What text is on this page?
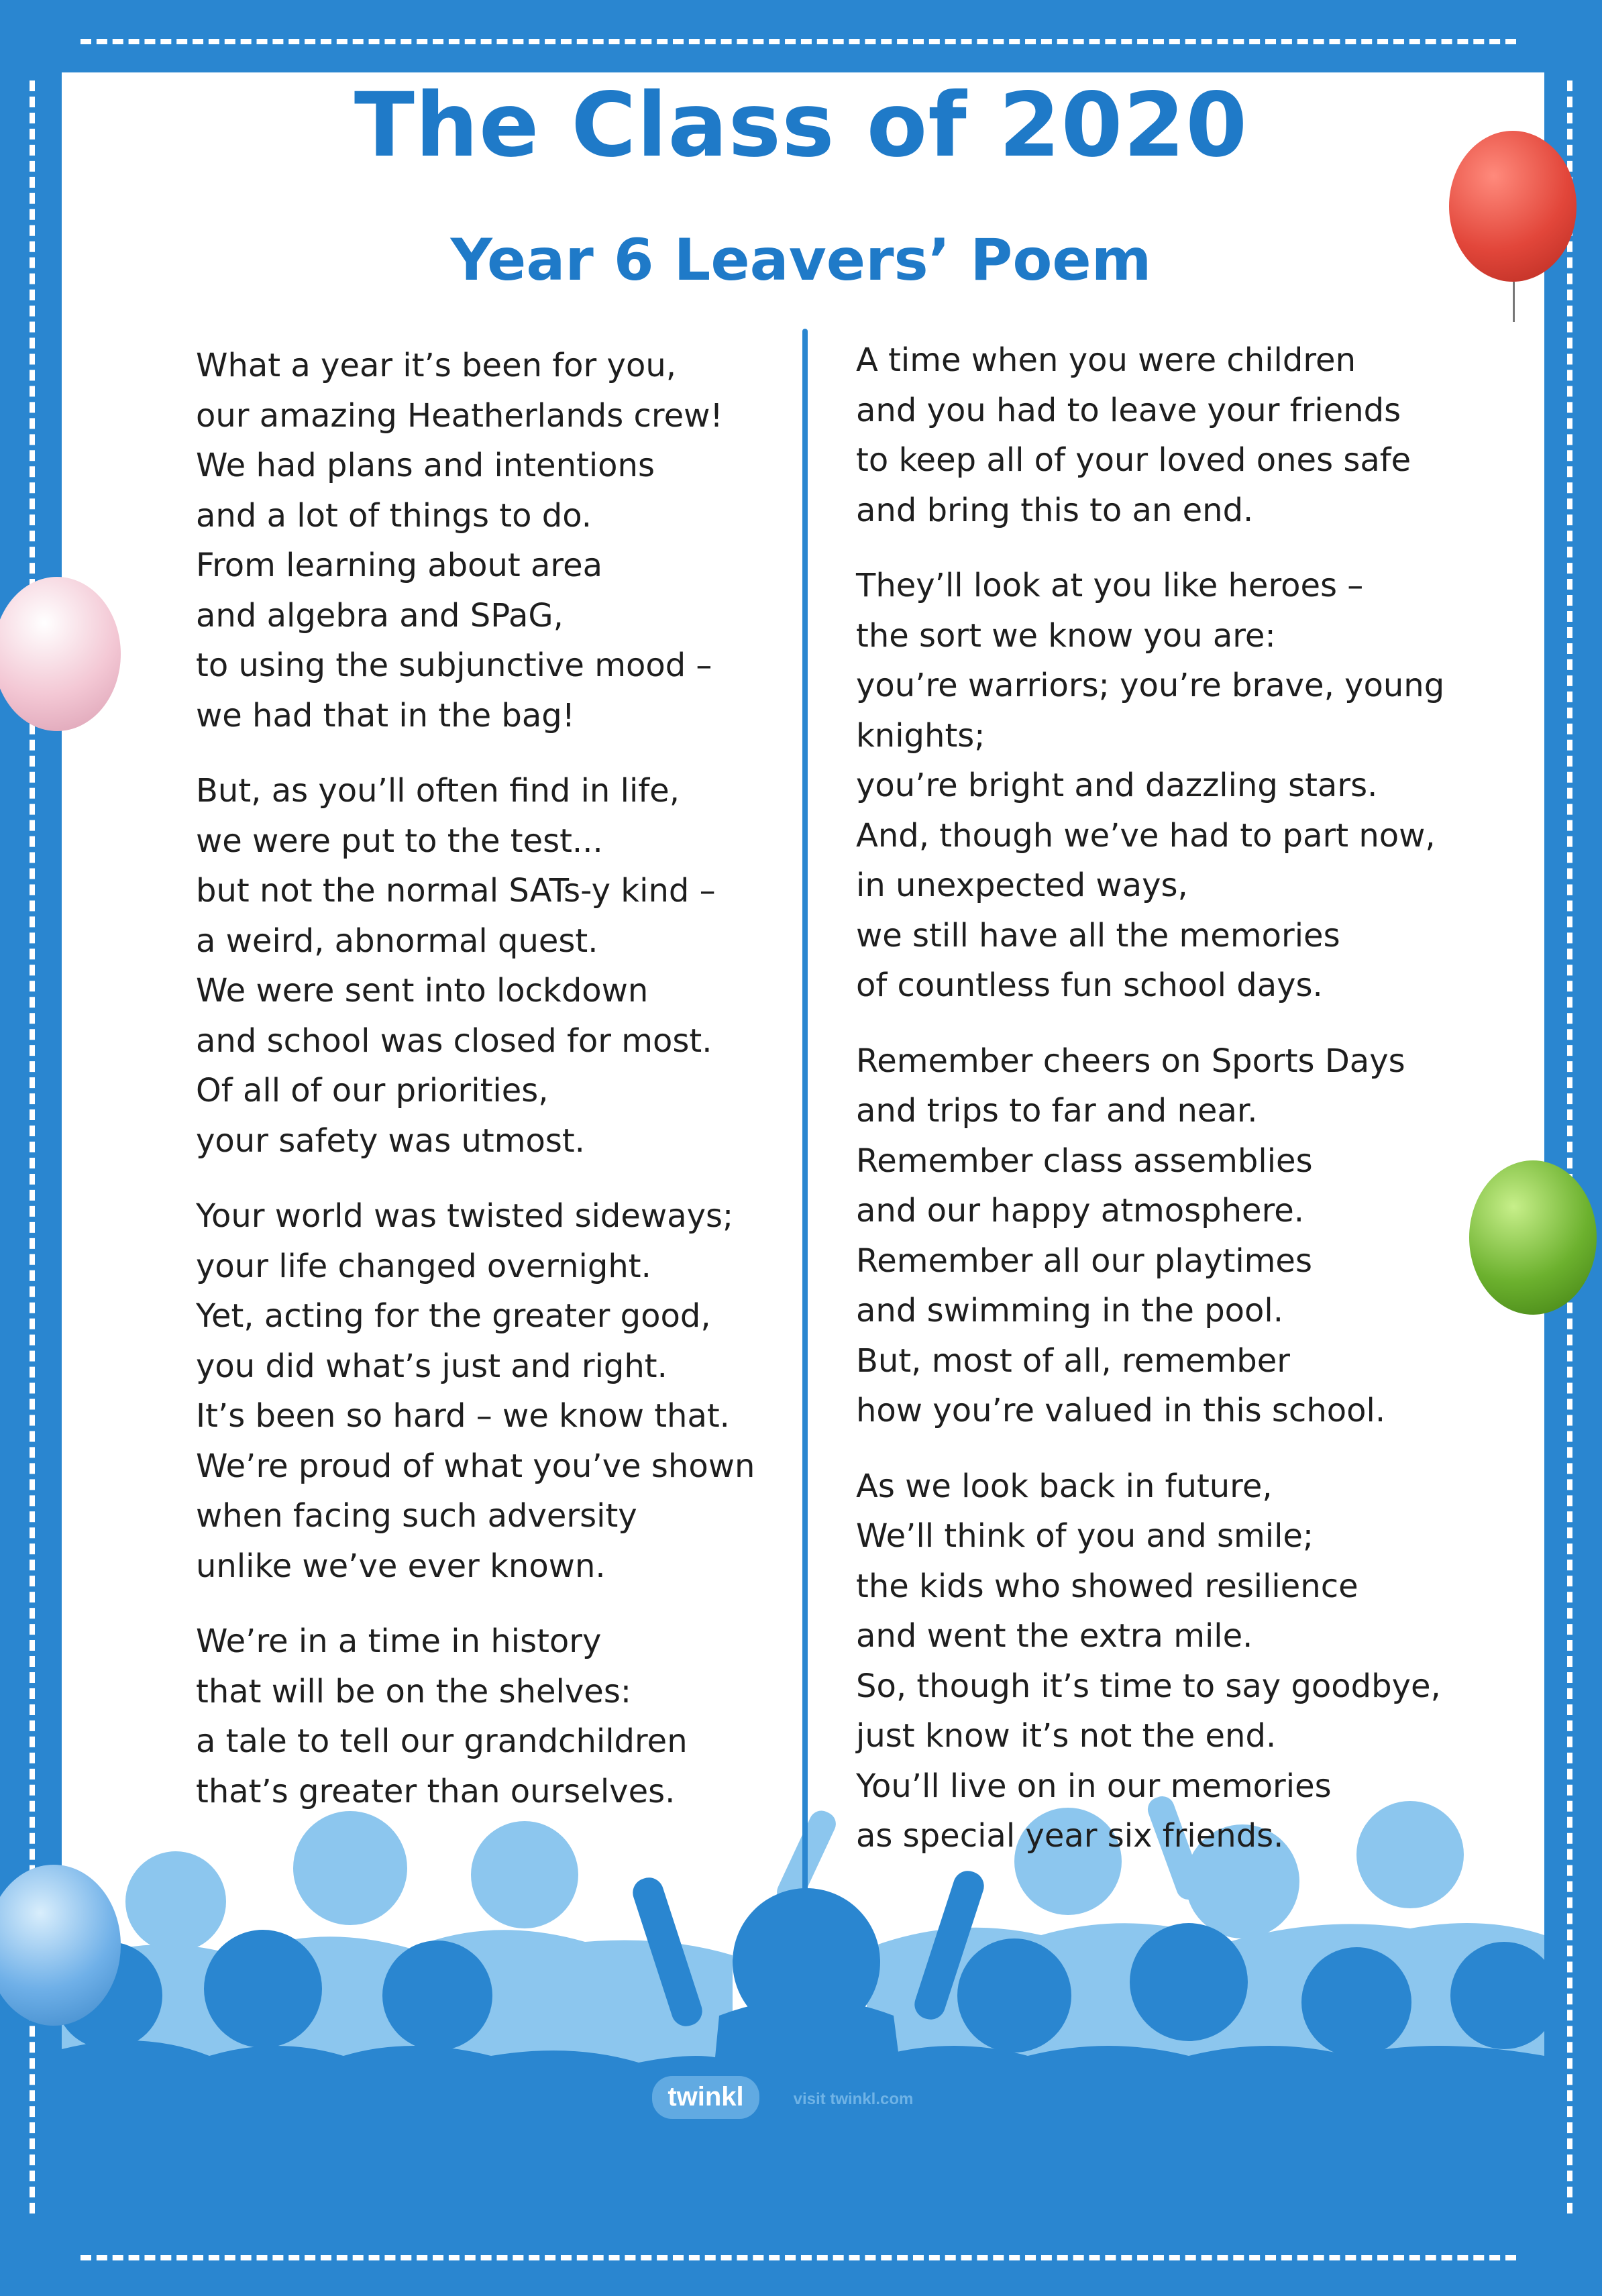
twinkl	visit twinkl.com
The Class of 2020
Year 6 Leavers’ Poem
What a year it’s been for you,
our amazing Heatherlands crew!
We had plans and intentions
and a lot of things to do.
From learning about area
and algebra and SPaG,
to using the subjunctive mood –
we had that in the bag!
But, as you’ll often find in life,
we were put to the test...
but not the normal SATs-y kind –
a weird, abnormal quest.
We were sent into lockdown
and school was closed for most.
Of all of our priorities,
your safety was utmost.
Your world was twisted sideways;
your life changed overnight.
Yet, acting for the greater good,
you did what’s just and right.
It’s been so hard – we know that.
We’re proud of what you’ve shown
when facing such adversity
unlike we’ve ever known.
We’re in a time in history
that will be on the shelves:
a tale to tell our grandchildren
that’s greater than ourselves.
A time when you were children
and you had to leave your friends
to keep all of your loved ones safe
and bring this to an end.
They’ll look at you like heroes –
the sort we know you are:
you’re warriors; you’re brave, young
knights;
you’re bright and dazzling stars.
And, though we’ve had to part now,
in unexpected ways,
we still have all the memories
of countless fun school days.
Remember cheers on Sports Days
and trips to far and near.
Remember class assemblies
and our happy atmosphere.
Remember all our playtimes
and swimming in the pool.
But, most of all, remember
how you’re valued in this school.
As we look back in future,
We’ll think of you and smile;
the kids who showed resilience
and went the extra mile.
So, though it’s time to say goodbye,
just know it’s not the end.
You’ll live on in our memories
as special year six friends.
